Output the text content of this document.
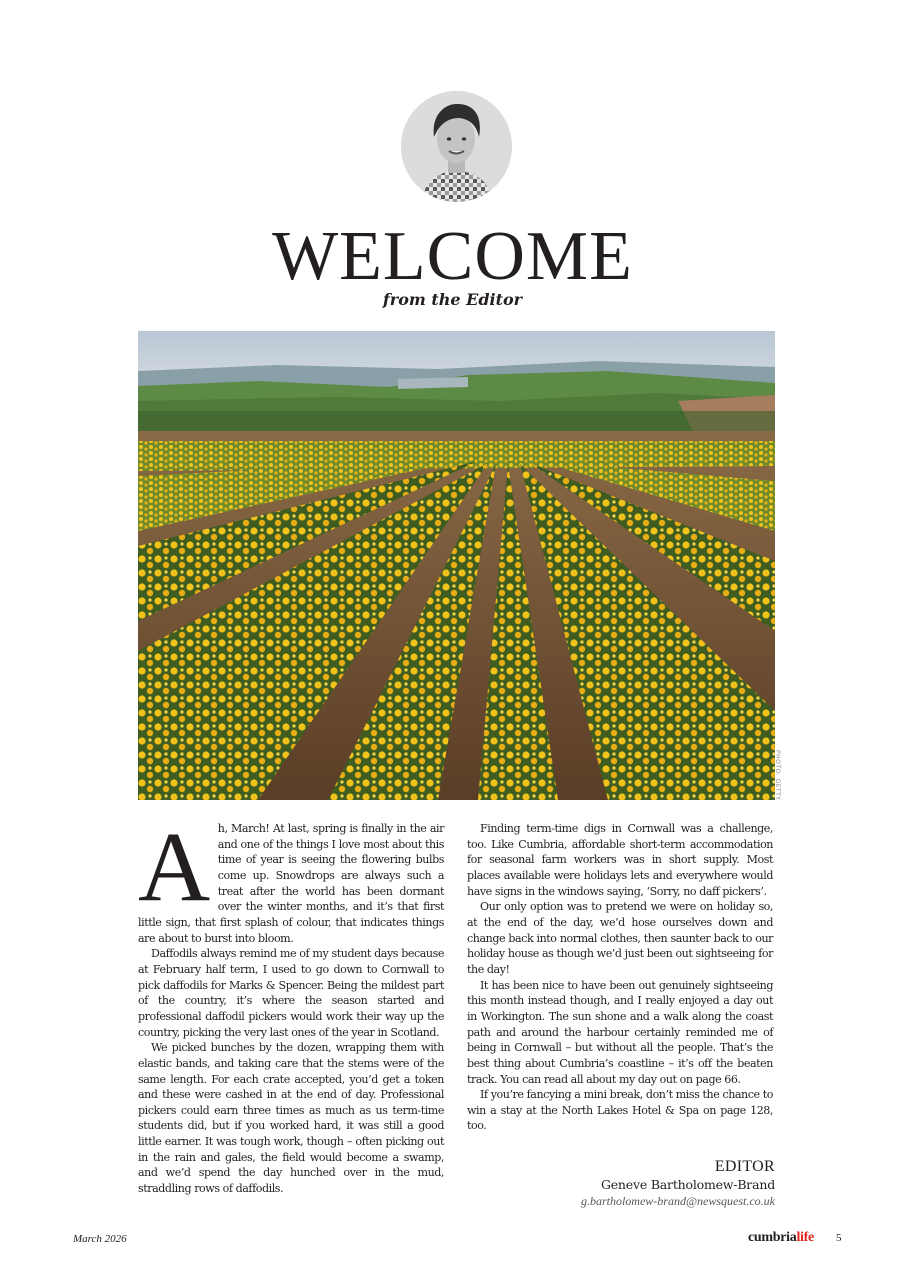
WELCOME
from the Editor
PHOTO: GETTY
A h, March! At last, spring is finally in the air and one of the things I love most about this time of year is seeing the flowering bulbs come up. Snowdrops are always such a treat after the world has been dormant over the winter months, and it’s that first little sign, that first splash of colour, that indicates things are about to burst into bloom.

Daffodils always remind me of my student days because at February half term, I used to go down to Cornwall to pick daffodils for Marks & Spencer. Being the mildest part of the country, it’s where the season started and professional daffodil pickers would work their way up the country, picking the very last ones of the year in Scotland.

We picked bunches by the dozen, wrapping them with elastic bands, and taking care that the stems were of the same length. For each crate accepted, you’d get a token and these were cashed in at the end of day. Professional pickers could earn three times as much as us term-time students did, but if you worked hard, it was still a good little earner. It was tough work, though – often picking out in the rain and gales, the field would become a swamp, and we’d spend the day hunched over in the mud, straddling rows of daffodils.

Finding term-time digs in Cornwall was a challenge, too. Like Cumbria, affordable short-term accommodation for seasonal farm workers was in short supply. Most places available were holidays lets and everywhere would have signs in the windows saying, ‘Sorry, no daff pickers’.

Our only option was to pretend we were on holiday so, at the end of the day, we’d hose ourselves down and change back into normal clothes, then saunter back to our holiday house as though we’d just been out sightseeing for the day!

It has been nice to have been out genuinely sightseeing this month instead though, and I really enjoyed a day out in Workington. The sun shone and a walk along the coast path and around the harbour certainly reminded me of being in Cornwall – but without all the people. That’s the best thing about Cumbria’s coastline – it’s off the beaten track. You can read all about my day out on page 66.

If you’re fancying a mini break, don’t miss the chance to win a stay at the North Lakes Hotel & Spa on page 128, too.

EDITOR
Geneve Bartholomew-Brand
g.bartholomew-brand@newsquest.co.uk
March 2026	cumbrialife 5
